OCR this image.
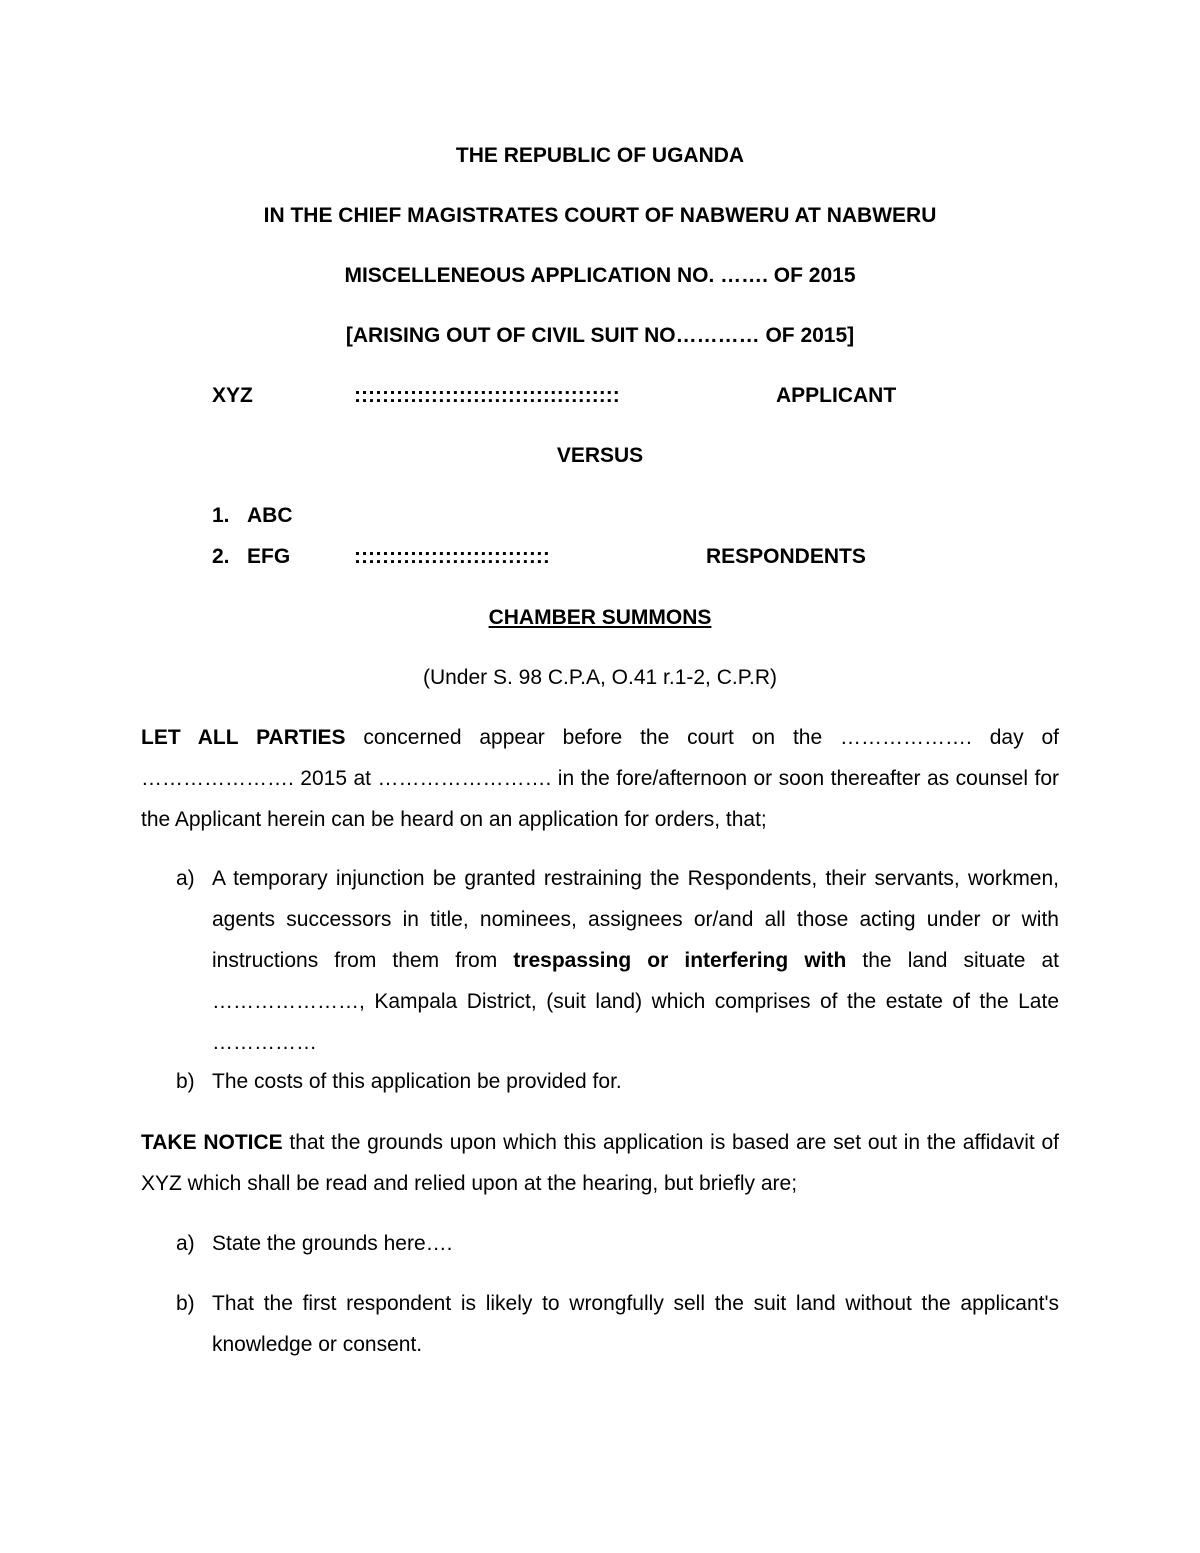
THE REPUBLIC OF UGANDA
IN THE CHIEF MAGISTRATES COURT OF NABWERU AT NABWERU
MISCELLENEOUS APPLICATION NO. ……. OF 2015
[ARISING OUT OF CIVIL SUIT NO………… OF 2015]
XYZ	::::::::::::::::::::::::::::::::::::::	APPLICANT
VERSUS
1. ABC
2. EFG	::::::::::::::::::::::::::::	RESPONDENTS
CHAMBER SUMMONS
(Under S. 98 C.P.A, O.41 r.1-2, C.P.R)
LET ALL PARTIES concerned appear before the court on the ………………. day of …………………. 2015 at ……………………. in the fore/afternoon or soon thereafter as counsel for the Applicant herein can be heard on an application for orders, that;
a) A temporary injunction be granted restraining the Respondents, their servants, workmen, agents successors in title, nominees, assignees or/and all those acting under or with instructions from them from trespassing or interfering with the land situate at …………………, Kampala District, (suit land) which comprises of the estate of the Late ……………
b) The costs of this application be provided for.
TAKE NOTICE that the grounds upon which this application is based are set out in the affidavit of XYZ which shall be read and relied upon at the hearing, but briefly are;
a) State the grounds here….
b) That the first respondent is likely to wrongfully sell the suit land without the applicant's knowledge or consent.
